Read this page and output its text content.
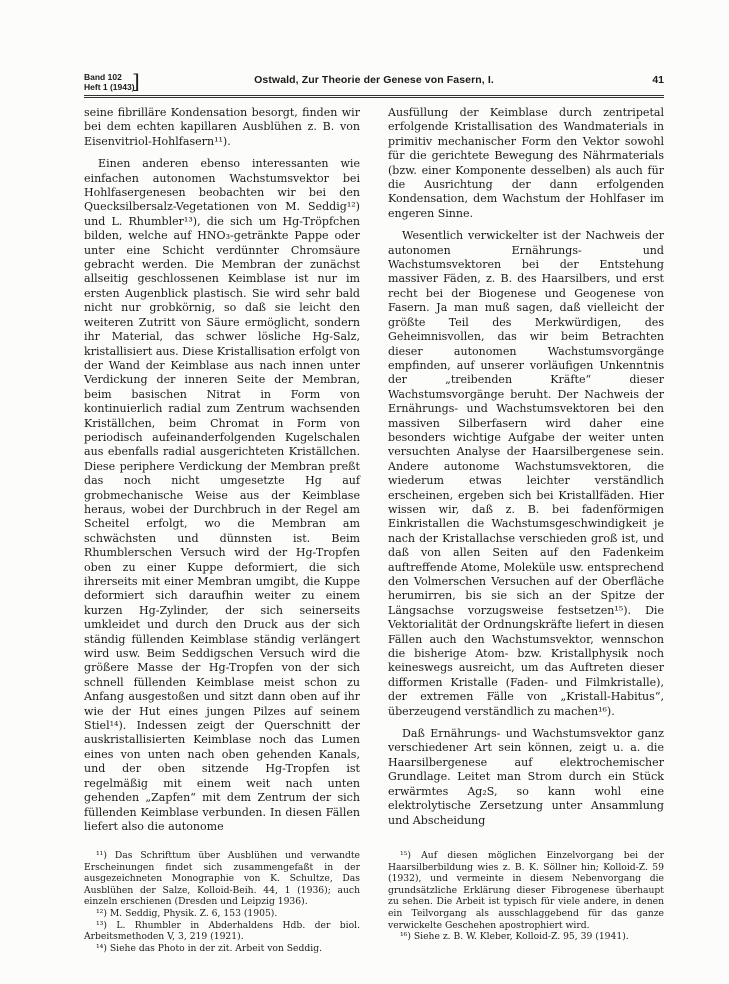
Band 102
Heft 1 (1943)
]	Ostwald, Zur Theorie der Genese von Fasern, I.	41

seine fibrilläre Kondensation besorgt, finden wir bei dem echten kapillaren Ausblühen z. B. von Eisenvitriol-Hohlfasern¹¹).

Einen anderen ebenso interessanten wie einfachen autonomen Wachstumsvektor bei Hohlfasergenesen beobachten wir bei den Quecksilbersalz-Vegetationen von M. Seddig¹²) und L. Rhumbler¹³), die sich um Hg-Tröpfchen bilden, welche auf HNO₃-getränkte Pappe oder unter eine Schicht verdünnter Chromsäure gebracht werden. Die Membran der zunächst allseitig geschlossenen Keimblase ist nur im ersten Augenblick plastisch. Sie wird sehr bald nicht nur grobkörnig, so daß sie leicht den weiteren Zutritt von Säure ermöglicht, sondern ihr Material, das schwer lösliche Hg-Salz, kristallisiert aus. Diese Kristallisation erfolgt von der Wand der Keimblase aus nach innen unter Verdickung der inneren Seite der Membran, beim basischen Nitrat in Form von kontinuierlich radial zum Zentrum wachsenden Kriställchen, beim Chromat in Form von periodisch aufeinanderfolgenden Kugelschalen aus ebenfalls radial ausgerichteten Kriställchen. Diese periphere Verdickung der Membran preßt das noch nicht umgesetzte Hg auf grobmechanische Weise aus der Keimblase heraus, wobei der Durchbruch in der Regel am Scheitel erfolgt, wo die Membran am schwächsten und dünnsten ist. Beim Rhumblerschen Versuch wird der Hg-Tropfen oben zu einer Kuppe deformiert, die sich ihrerseits mit einer Membran umgibt, die Kuppe deformiert sich daraufhin weiter zu einem kurzen Hg-Zylinder, der sich seinerseits umkleidet und durch den Druck aus der sich ständig füllenden Keimblase ständig verlängert wird usw. Beim Seddigschen Versuch wird die größere Masse der Hg-Tropfen von der sich schnell füllenden Keimblase meist schon zu Anfang ausgestoßen und sitzt dann oben auf ihr wie der Hut eines jungen Pilzes auf seinem Stiel¹⁴). Indessen zeigt der Querschnitt der auskristallisierten Keimblase noch das Lumen eines von unten nach oben gehenden Kanals, und der oben sitzende Hg-Tropfen ist regelmäßig mit einem weit nach unten gehenden „Zapfen“ mit dem Zentrum der sich füllenden Keimblase verbunden. In diesen Fällen liefert also die autonome

Ausfüllung der Keimblase durch zentripetal erfolgende Kristallisation des Wandmaterials in primitiv mechanischer Form den Vektor sowohl für die gerichtete Bewegung des Nährmaterials (bzw. einer Komponente desselben) als auch für die Ausrichtung der dann erfolgenden Kondensation, dem Wachstum der Hohlfaser im engeren Sinne.

Wesentlich verwickelter ist der Nachweis der autonomen Ernährungs- und Wachstumsvektoren bei der Entstehung massiver Fäden, z. B. des Haarsilbers, und erst recht bei der Biogenese und Geogenese von Fasern. Ja man muß sagen, daß vielleicht der größte Teil des Merkwürdigen, des Geheimnisvollen, das wir beim Betrachten dieser autonomen Wachstumsvorgänge empfinden, auf unserer vorläufigen Unkenntnis der „treibenden Kräfte“ dieser Wachstumsvorgänge beruht. Der Nachweis der Ernährungs- und Wachstumsvektoren bei den massiven Silberfasern wird daher eine besonders wichtige Aufgabe der weiter unten versuchten Analyse der Haarsilbergenese sein. Andere autonome Wachstumsvektoren, die wiederum etwas leichter verständlich erscheinen, ergeben sich bei Kristallfäden. Hier wissen wir, daß z. B. bei fadenförmigen Einkristallen die Wachstumsgeschwindigkeit je nach der Kristallachse verschieden groß ist, und daß von allen Seiten auf den Fadenkeim auftreffende Atome, Moleküle usw. entsprechend den Volmerschen Versuchen auf der Oberfläche herumirren, bis sie sich an der Spitze der Längsachse vorzugsweise festsetzen¹⁵). Die Vektorialität der Ordnungskräfte liefert in diesen Fällen auch den Wachstumsvektor, wennschon die bisherige Atom- bzw. Kristallphysik noch keineswegs ausreicht, um das Auftreten dieser difformen Kristalle (Faden- und Filmkristalle), der extremen Fälle von „Kristall-Habitus“, überzeugend verständlich zu machen¹⁶).

Daß Ernährungs- und Wachstumsvektor ganz verschiedener Art sein können, zeigt u. a. die Haarsilbergenese auf elektrochemischer Grundlage. Leitet man Strom durch ein Stück erwärmtes Ag₂S, so kann wohl eine elektrolytische Zersetzung unter Ansammlung und Abscheidung

¹¹) Das Schrifttum über Ausblühen und verwandte Erscheinungen findet sich zusammengefaßt in der ausgezeichneten Monographie von K. Schultze, Das Ausblühen der Salze, Kolloid-Beih. 44, 1 (1936); auch einzeln erschienen (Dresden und Leipzig 1936).

¹²) M. Seddig, Physik. Z. 6, 153 (1905).

¹³) L. Rhumbler in Abderhaldens Hdb. der biol. Arbeitsmethoden V, 3, 219 (1921).

¹⁴) Siehe das Photo in der zit. Arbeit von Seddig.

¹⁵) Auf diesen möglichen Einzelvorgang bei der Haarsilberbildung wies z. B. K. Söllner hin; Kolloid-Z. 59 (1932), und vermeinte in diesem Nebenvorgang die grundsätzliche Erklärung dieser Fibrogenese überhaupt zu sehen. Die Arbeit ist typisch für viele andere, in denen ein Teilvorgang als ausschlaggebend für das ganze verwickelte Geschehen apostrophiert wird.

¹⁶) Siehe z. B. W. Kleber, Kolloid-Z. 95, 39 (1941).
